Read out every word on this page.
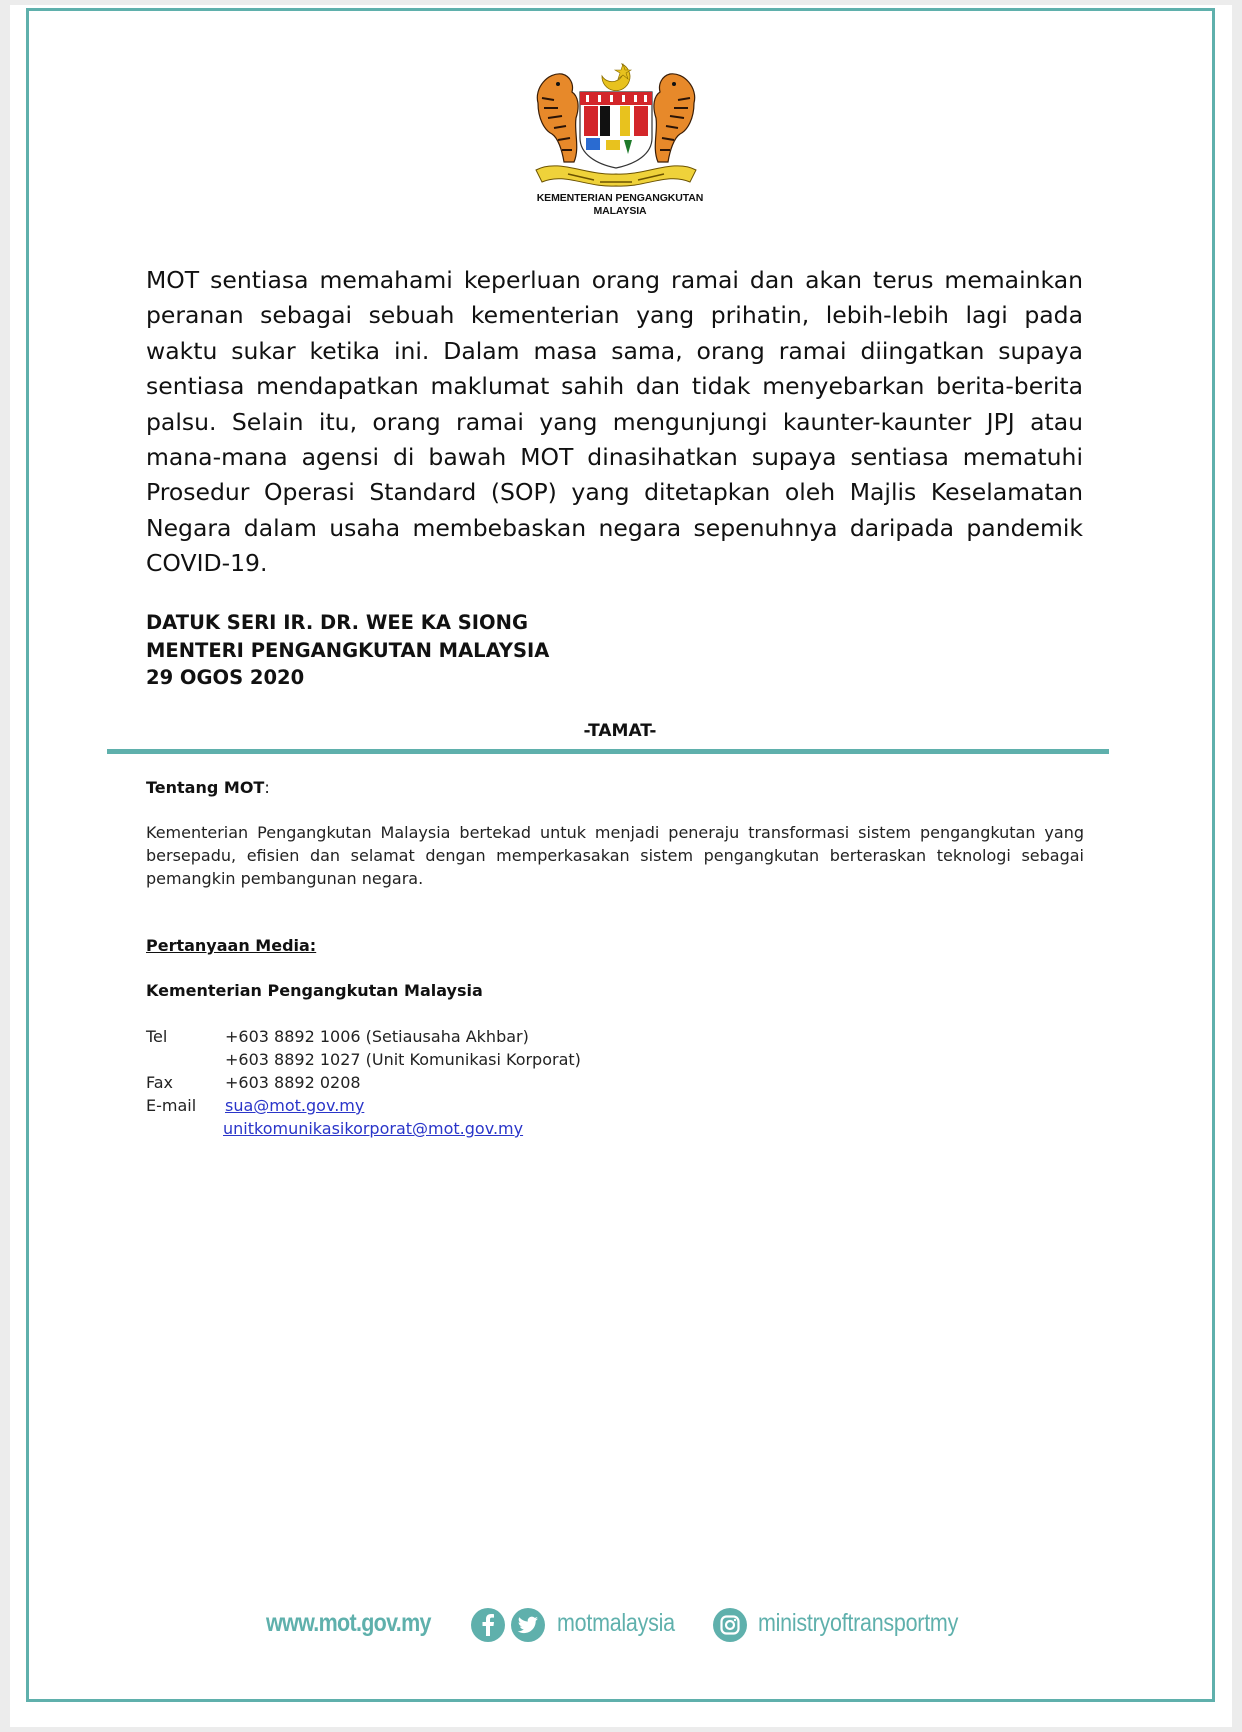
KEMENTERIAN PENGANGKUTAN
MALAYSIA

MOT sentiasa memahami keperluan orang ramai dan akan terus memainkan peranan sebagai sebuah kementerian yang prihatin, lebih-lebih lagi pada waktu sukar ketika ini. Dalam masa sama, orang ramai diingatkan supaya sentiasa mendapatkan maklumat sahih dan tidak menyebarkan berita-berita palsu. Selain itu, orang ramai yang mengunjungi kaunter-kaunter JPJ atau mana-mana agensi di bawah MOT dinasihatkan supaya sentiasa mematuhi Prosedur Operasi Standard (SOP) yang ditetapkan oleh Majlis Keselamatan Negara dalam usaha membebaskan negara sepenuhnya daripada pandemik COVID-19.

DATUK SERI IR. DR. WEE KA SIONG
MENTERI PENGANGKUTAN MALAYSIA
29 OGOS 2020
-TAMAT-
Tentang MOT:

Kementerian Pengangkutan Malaysia bertekad untuk menjadi peneraju transformasi sistem pengangkutan yang bersepadu, efisien dan selamat dengan memperkasakan sistem pengangkutan berteraskan teknologi sebagai pemangkin pembangunan negara.

Pertanyaan Media:
Kementerian Pengangkutan Malaysia
Tel	+603 8892 1006 (Setiausaha Akhbar)
+603 8892 1027 (Unit Komunikasi Korporat)
Fax	+603 8892 0208
E-mail sua@mot.gov.my
unitkomunikasikorporat@mot.gov.my
www.mot.gov.my	motmalaysia	ministryoftransportmy
